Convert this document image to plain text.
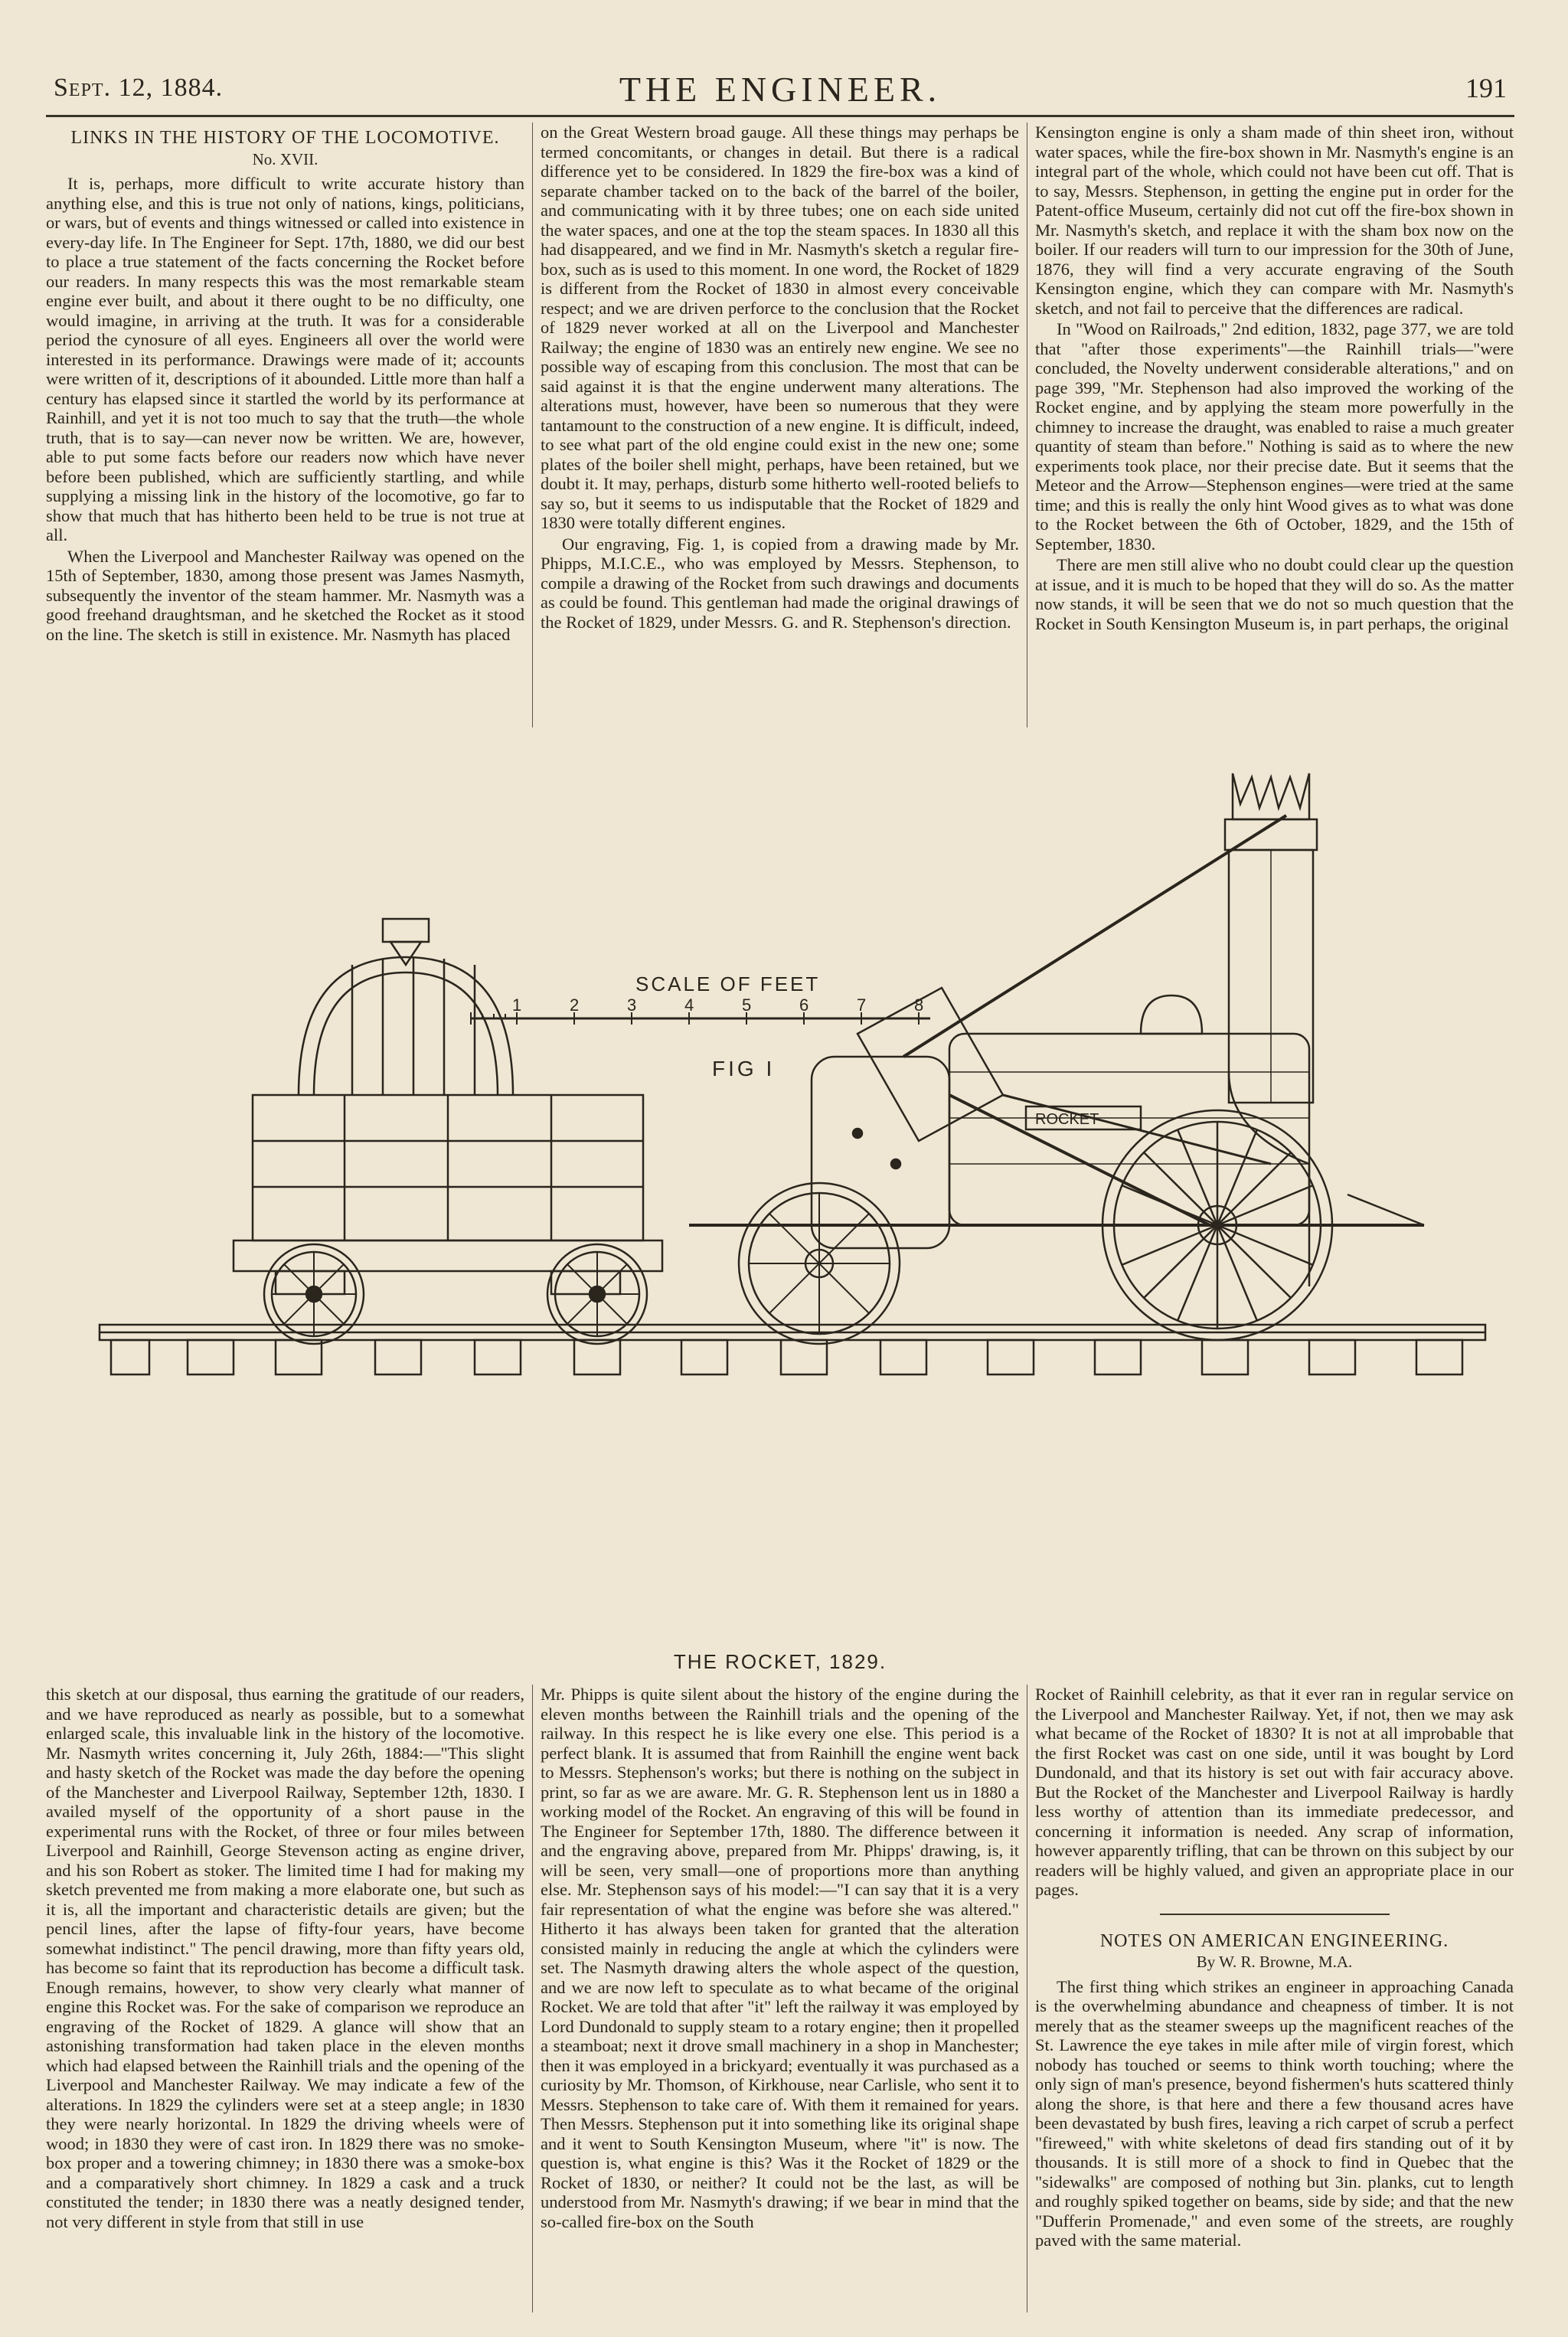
Sept. 12, 1884.	THE ENGINEER.	191
LINKS IN THE HISTORY OF THE LOCOMOTIVE.
No. XVII.

It is, perhaps, more difficult to write accurate history than anything else, and this is true not only of nations, kings, politicians, or wars, but of events and things witnessed or called into existence in every-day life. In The Engineer for Sept. 17th, 1880, we did our best to place a true statement of the facts concerning the Rocket before our readers. In many respects this was the most remarkable steam engine ever built, and about it there ought to be no difficulty, one would imagine, in arriving at the truth. It was for a considerable period the cynosure of all eyes. Engineers all over the world were interested in its performance. Drawings were made of it; accounts were written of it, descriptions of it abounded. Little more than half a century has elapsed since it startled the world by its performance at Rainhill, and yet it is not too much to say that the truth—the whole truth, that is to say—can never now be written. We are, however, able to put some facts before our readers now which have never before been published, which are sufficiently startling, and while supplying a missing link in the history of the locomotive, go far to show that much that has hitherto been held to be true is not true at all.

When the Liverpool and Manchester Railway was opened on the 15th of September, 1830, among those present was James Nasmyth, subsequently the inventor of the steam hammer. Mr. Nasmyth was a good freehand draughtsman, and he sketched the Rocket as it stood on the line. The sketch is still in existence. Mr. Nasmyth has placed

on the Great Western broad gauge. All these things may perhaps be termed concomitants, or changes in detail. But there is a radical difference yet to be considered. In 1829 the fire-box was a kind of separate chamber tacked on to the back of the barrel of the boiler, and communicating with it by three tubes; one on each side united the water spaces, and one at the top the steam spaces. In 1830 all this had disappeared, and we find in Mr. Nasmyth's sketch a regular fire-box, such as is used to this moment. In one word, the Rocket of 1829 is different from the Rocket of 1830 in almost every conceivable respect; and we are driven perforce to the conclusion that the Rocket of 1829 never worked at all on the Liverpool and Manchester Railway; the engine of 1830 was an entirely new engine. We see no possible way of escaping from this conclusion. The most that can be said against it is that the engine underwent many alterations. The alterations must, however, have been so numerous that they were tantamount to the construction of a new engine. It is difficult, indeed, to see what part of the old engine could exist in the new one; some plates of the boiler shell might, perhaps, have been retained, but we doubt it. It may, perhaps, disturb some hitherto well-rooted beliefs to say so, but it seems to us indisputable that the Rocket of 1829 and 1830 were totally different engines.

Our engraving, Fig. 1, is copied from a drawing made by Mr. Phipps, M.I.C.E., who was employed by Messrs. Stephenson, to compile a drawing of the Rocket from such drawings and documents as could be found. This gentleman had made the original drawings of the Rocket of 1829, under Messrs. G. and R. Stephenson's direction.

Kensington engine is only a sham made of thin sheet iron, without water spaces, while the fire-box shown in Mr. Nasmyth's engine is an integral part of the whole, which could not have been cut off. That is to say, Messrs. Stephenson, in getting the engine put in order for the Patent-office Museum, certainly did not cut off the fire-box shown in Mr. Nasmyth's sketch, and replace it with the sham box now on the boiler. If our readers will turn to our impression for the 30th of June, 1876, they will find a very accurate engraving of the South Kensington engine, which they can compare with Mr. Nasmyth's sketch, and not fail to perceive that the differences are radical.

In "Wood on Railroads," 2nd edition, 1832, page 377, we are told that "after those experiments"—the Rainhill trials—"were concluded, the Novelty underwent considerable alterations," and on page 399, "Mr. Stephenson had also improved the working of the Rocket engine, and by applying the steam more powerfully in the chimney to increase the draught, was enabled to raise a much greater quantity of steam than before." Nothing is said as to where the new experiments took place, nor their precise date. But it seems that the Meteor and the Arrow—Stephenson engines—were tried at the same time; and this is really the only hint Wood gives as to what was done to the Rocket between the 6th of October, 1829, and the 15th of September, 1830.

There are men still alive who no doubt could clear up the question at issue, and it is much to be hoped that they will do so. As the matter now stands, it will be seen that we do not so much question that the Rocket in South Kensington Museum is, in part perhaps, the original

1	2	3	4	5	6	7	8
ROCKET
SCALE OF FEET
FIG I
THE ROCKET, 1829.

this sketch at our disposal, thus earning the gratitude of our readers, and we have reproduced as nearly as possible, but to a somewhat enlarged scale, this invaluable link in the history of the locomotive. Mr. Nasmyth writes concerning it, July 26th, 1884:—"This slight and hasty sketch of the Rocket was made the day before the opening of the Manchester and Liverpool Railway, September 12th, 1830. I availed myself of the opportunity of a short pause in the experimental runs with the Rocket, of three or four miles between Liverpool and Rainhill, George Stevenson acting as engine driver, and his son Robert as stoker. The limited time I had for making my sketch prevented me from making a more elaborate one, but such as it is, all the important and characteristic details are given; but the pencil lines, after the lapse of fifty-four years, have become somewhat indistinct." The pencil drawing, more than fifty years old, has become so faint that its reproduction has become a difficult task. Enough remains, however, to show very clearly what manner of engine this Rocket was. For the sake of comparison we reproduce an engraving of the Rocket of 1829. A glance will show that an astonishing transformation had taken place in the eleven months which had elapsed between the Rainhill trials and the opening of the Liverpool and Manchester Railway. We may indicate a few of the alterations. In 1829 the cylinders were set at a steep angle; in 1830 they were nearly horizontal. In 1829 the driving wheels were of wood; in 1830 they were of cast iron. In 1829 there was no smoke-box proper and a towering chimney; in 1830 there was a smoke-box and a comparatively short chimney. In 1829 a cask and a truck constituted the tender; in 1830 there was a neatly designed tender, not very different in style from that still in use

Mr. Phipps is quite silent about the history of the engine during the eleven months between the Rainhill trials and the opening of the railway. In this respect he is like every one else. This period is a perfect blank. It is assumed that from Rainhill the engine went back to Messrs. Stephenson's works; but there is nothing on the subject in print, so far as we are aware. Mr. G. R. Stephenson lent us in 1880 a working model of the Rocket. An engraving of this will be found in The Engineer for September 17th, 1880. The difference between it and the engraving above, prepared from Mr. Phipps' drawing, is, it will be seen, very small—one of proportions more than anything else. Mr. Stephenson says of his model:—"I can say that it is a very fair representation of what the engine was before she was altered." Hitherto it has always been taken for granted that the alteration consisted mainly in reducing the angle at which the cylinders were set. The Nasmyth drawing alters the whole aspect of the question, and we are now left to speculate as to what became of the original Rocket. We are told that after "it" left the railway it was employed by Lord Dundonald to supply steam to a rotary engine; then it propelled a steamboat; next it drove small machinery in a shop in Manchester; then it was employed in a brickyard; eventually it was purchased as a curiosity by Mr. Thomson, of Kirkhouse, near Carlisle, who sent it to Messrs. Stephenson to take care of. With them it remained for years. Then Messrs. Stephenson put it into something like its original shape and it went to South Kensington Museum, where "it" is now. The question is, what engine is this? Was it the Rocket of 1829 or the Rocket of 1830, or neither? It could not be the last, as will be understood from Mr. Nasmyth's drawing; if we bear in mind that the so-called fire-box on the South

Rocket of Rainhill celebrity, as that it ever ran in regular service on the Liverpool and Manchester Railway. Yet, if not, then we may ask what became of the Rocket of 1830? It is not at all improbable that the first Rocket was cast on one side, until it was bought by Lord Dundonald, and that its history is set out with fair accuracy above. But the Rocket of the Manchester and Liverpool Railway is hardly less worthy of attention than its immediate predecessor, and concerning it information is needed. Any scrap of information, however apparently trifling, that can be thrown on this subject by our readers will be highly valued, and given an appropriate place in our pages.

NOTES ON AMERICAN ENGINEERING.
By W. R. Browne, M.A.

The first thing which strikes an engineer in approaching Canada is the overwhelming abundance and cheapness of timber. It is not merely that as the steamer sweeps up the magnificent reaches of the St. Lawrence the eye takes in mile after mile of virgin forest, which nobody has touched or seems to think worth touching; where the only sign of man's presence, beyond fishermen's huts scattered thinly along the shore, is that here and there a few thousand acres have been devastated by bush fires, leaving a rich carpet of scrub a perfect "fireweed," with white skeletons of dead firs standing out of it by thousands. It is still more of a shock to find in Quebec that the "sidewalks" are composed of nothing but 3in. planks, cut to length and roughly spiked together on beams, side by side; and that the new "Dufferin Promenade," and even some of the streets, are roughly paved with the same material.
